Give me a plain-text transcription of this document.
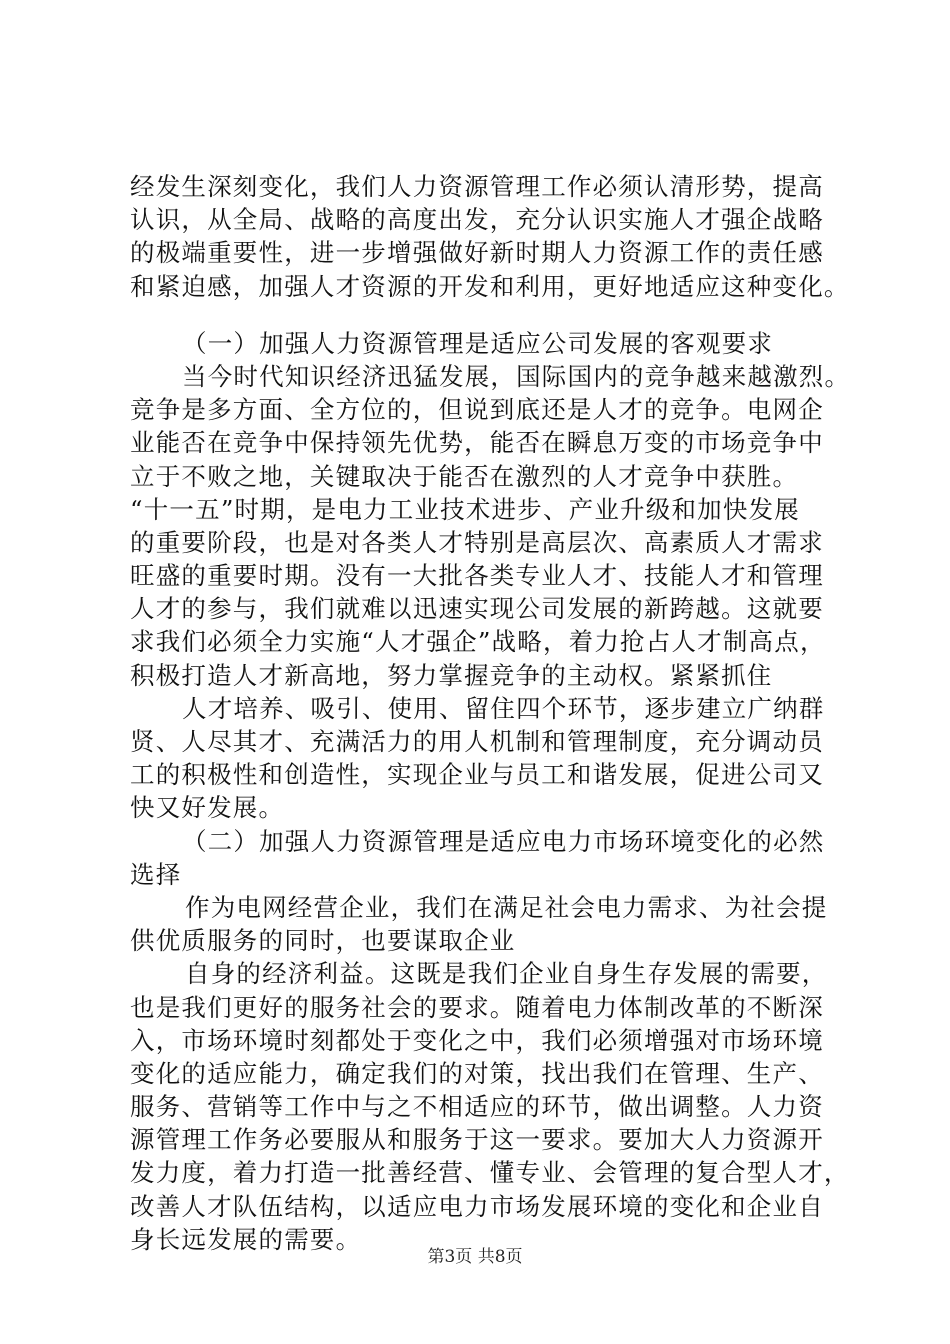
经发生深刻变化，我们人力资源管理工作必须认清形势，提高
认识，从全局、战略的高度出发，充分认识实施人才强企战略
的极端重要性，进一步增强做好新时期人力资源工作的责任感
和紧迫感，加强人才资源的开发和利用，更好地适应这种变化。
（一）加强人力资源管理是适应公司发展的客观要求
当今时代知识经济迅猛发展，国际国内的竞争越来越激烈。
竞争是多方面、全方位的，但说到底还是人才的竞争。电网企
业能否在竞争中保持领先优势，能否在瞬息万变的市场竞争中
立于不败之地，关键取决于能否在激烈的人才竞争中获胜。
“十一五”时期，是电力工业技术进步、产业升级和加快发展
的重要阶段，也是对各类人才特别是高层次、高素质人才需求
旺盛的重要时期。没有一大批各类专业人才、技能人才和管理
人才的参与，我们就难以迅速实现公司发展的新跨越。这就要
求我们必须全力实施“人才强企”战略，着力抢占人才制高点，
积极打造人才新高地，努力掌握竞争的主动权。紧紧抓住
人才培养、吸引、使用、留住四个环节，逐步建立广纳群
贤、人尽其才、充满活力的用人机制和管理制度，充分调动员
工的积极性和创造性，实现企业与员工和谐发展，促进公司又
快又好发展。
（二）加强人力资源管理是适应电力市场环境变化的必然
选择
作为电网经营企业，我们在满足社会电力需求、为社会提
供优质服务的同时，也要谋取企业
自身的经济利益。这既是我们企业自身生存发展的需要，
也是我们更好的服务社会的要求。随着电力体制改革的不断深
入，市场环境时刻都处于变化之中，我们必须增强对市场环境
变化的适应能力，确定我们的对策，找出我们在管理、生产、
服务、营销等工作中与之不相适应的环节，做出调整。人力资
源管理工作务必要服从和服务于这一要求。要加大人力资源开
发力度，着力打造一批善经营、懂专业、会管理的复合型人才，
改善人才队伍结构，以适应电力市场发展环境的变化和企业自
身长远发展的需要。
第3页 共8页
